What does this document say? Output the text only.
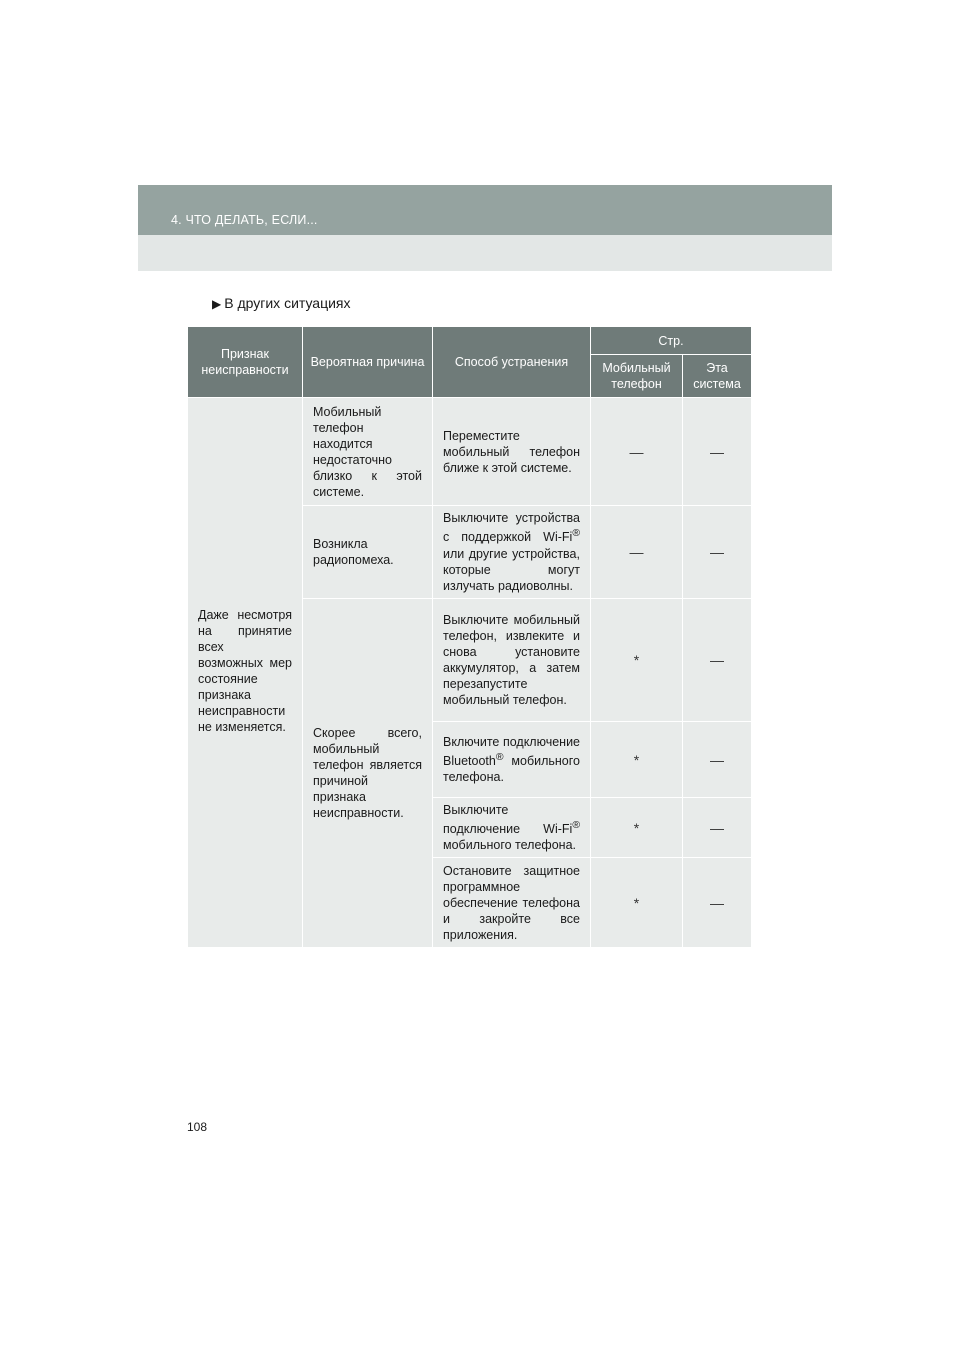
4. ЧТО ДЕЛАТЬ, ЕСЛИ...
▶ В других ситуациях
Признак неисправности	Вероятная причина	Способ устранения	Стр.	
			Мобильный телефон	Эта система
Даже несмотря на принятие всех возможных мер состояние признака неисправности не изменяется.	Мобильный телефон находится недостаточно близко к этой системе.	Переместите мобильный телефон ближе к этой системе.	—	—
	Возникла радиопомеха.	Выключите устройства с поддержкой Wi-Fi® или другие устройства, которые могут излучать радиоволны.	—	—
	Скорее всего, мобильный телефон является причиной признака неисправности.	Выключите мобильный телефон, извлеките и снова установите аккумулятор, а затем перезапустите мобильный телефон.	*	—
		Включите подключение Bluetooth® мобильного телефона.	*	—
		Выключите подключение Wi-Fi® мобильного телефона.	*	—
		Остановите защитное программное обеспечение телефона и закройте все приложения.	*	—
108
